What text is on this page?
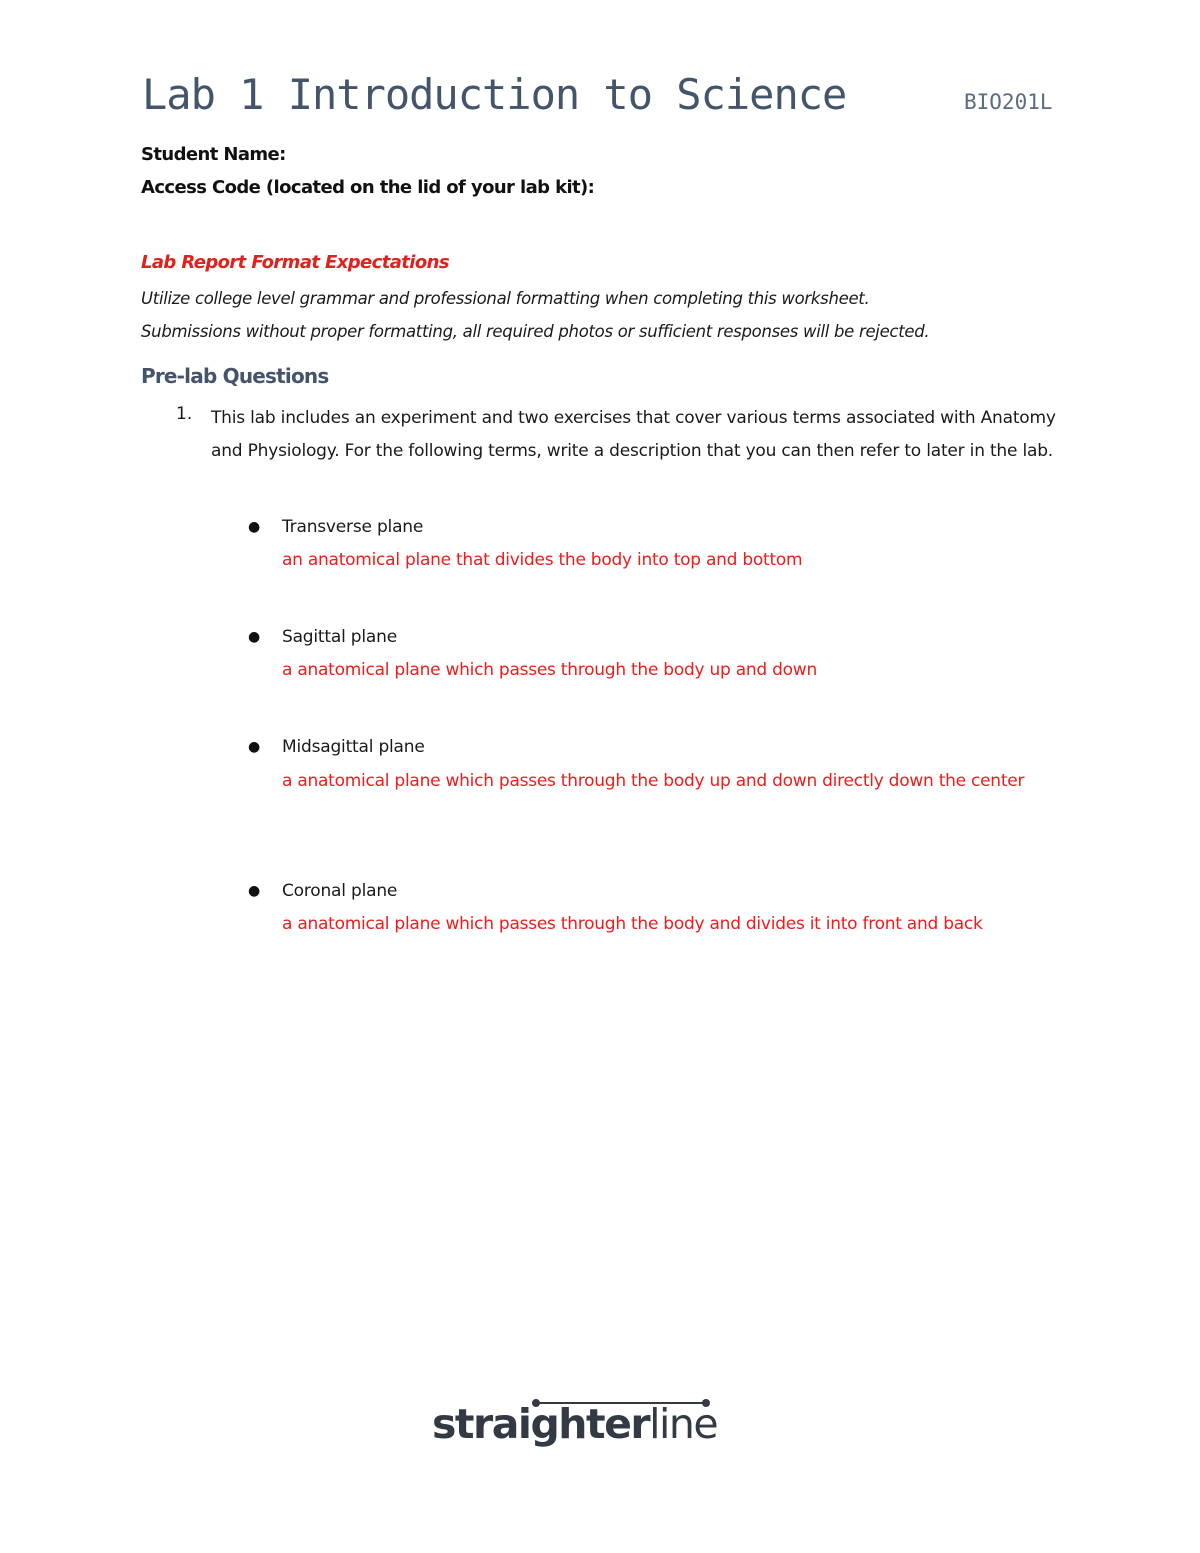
Lab 1 Introduction to Science	BIO201L
Student Name:
Access Code (located on the lid of your lab kit):
Lab Report Format Expectations
Utilize college level grammar and professional formatting when completing this worksheet.
Submissions without proper formatting, all required photos or sufficient responses will be rejected.
Pre-lab Questions
1. This lab includes an experiment and two exercises that cover various terms associated with Anatomy and Physiology. For the following terms, write a description that you can then refer to later in the lab.
● Transverse plane
an anatomical plane that divides the body into top and bottom
● Sagittal plane
a anatomical plane which passes through the body up and down
● Midsagittal plane
a anatomical plane which passes through the body up and down directly down the center
● Coronal plane
a anatomical plane which passes through the body and divides it into front and back
straighterline
